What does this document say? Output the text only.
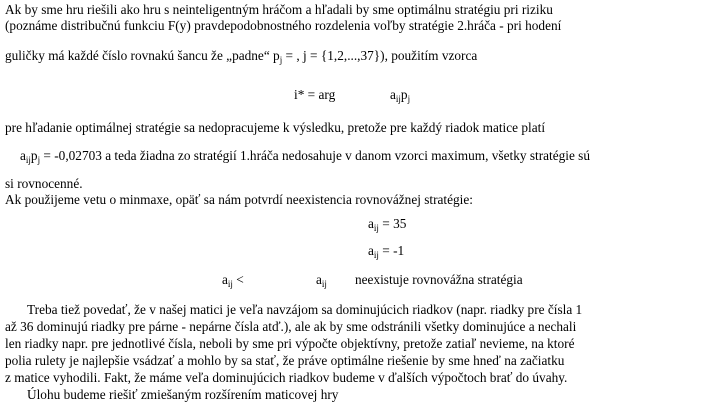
Ak by sme hru riešili ako hru s neinteligentným hráčom a hľadali by sme optimálnu stratégiu pri riziku
(poznáme distribučnú funkciu F(y) pravdepodobnostného rozdelenia voľby stratégie 2.hráča - pri hodení
guličky má každé číslo rovnakú šancu že „padne“ $p_j$ = , j = {1,2,...,37}), použitím vzorca
i* = arg	$a_{ij}p_j$
pre hľadanie optimálnej stratégie sa nedopracujeme k výsledku, pretože pre každý riadok matice platí
$a_{ij}p_j = -0,02703$ a teda žiadna zo stratégií 1.hráča nedosahuje v danom vzorci maximum, všetky stratégie sú
si rovnocenné.
Ak použijeme vetu o minmaxe, opäť sa nám potvrdí neexistencia rovnovážnej stratégie:
$a_{ij} = 35$
$a_{ij} = -1$
$a_{ij}$ <	$a_{ij}$ neexistuje rovnovážna stratégia
Treba tiež povedať, že v našej matici je veľa navzájom sa dominujúcich riadkov (napr. riadky pre čísla 1
až 36 dominujú riadky pre párne - nepárne čísla atď.), ale ak by sme odstránili všetky dominujúce a nechali
len riadky napr. pre jednotlivé čísla, neboli by sme pri výpočte objektívny, pretože zatiaľ nevieme, na ktoré
polia rulety je najlepšie vsádzať a mohlo by sa stať, že práve optimálne riešenie by sme hneď na začiatku
z matice vyhodili. Fakt, že máme veľa dominujúcich riadkov budeme v ďalších výpočtoch brať do úvahy.
Úlohu budeme riešiť zmiešaným rozšírením maticovej hry
